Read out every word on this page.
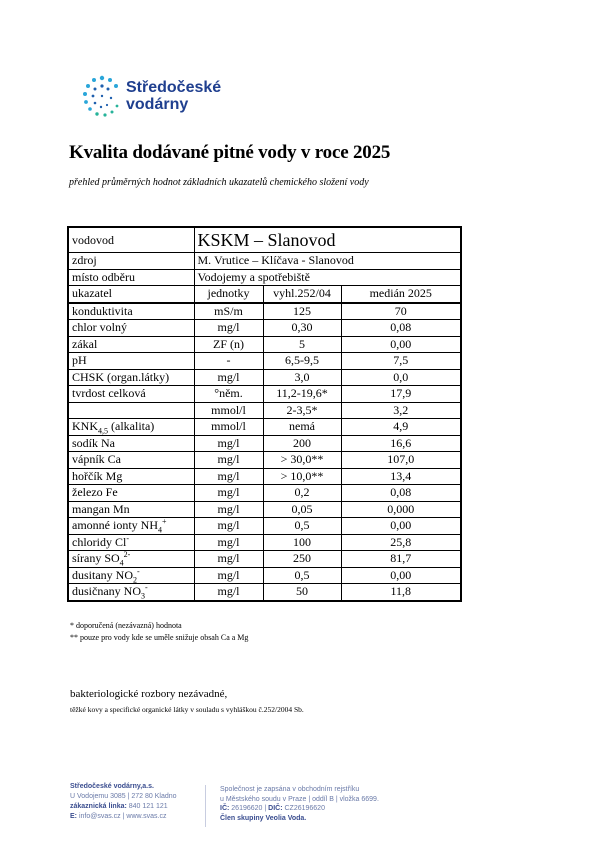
Středočeské
vodárny
Kvalita dodávané pitné vody v roce 2025
přehled průměrných hodnot základních ukazatelů chemického složení vody
vodovod	KSKM – Slanovod		
zdroj	M. Vrutice – Klíčava - Slanovod		
místo odběru	Vodojemy a spotřebiště		
ukazatel	jednotky	vyhl.252/04	medián 2025
konduktivita	mS/m	125	70
chlor volný	mg/l	0,30	0,08
zákal	ZF (n)	5	0,00
pH	-	6,5-9,5	7,5
CHSK (organ.látky)	mg/l	3,0	0,0
tvrdost celková	°něm.	11,2-19,6*	17,9
	mmol/l	2-3,5*	3,2
$KNK_{4,5}$ (alkalita)	mmol/l	nemá	4,9
sodík Na	mg/l	200	16,6
vápník Ca	mg/l	> 30,0**	107,0
hořčík Mg	mg/l	> 10,0**	13,4
železo Fe	mg/l	0,2	0,08
mangan Mn	mg/l	0,05	0,000
amonné ionty $NH_4^+$	mg/l	0,5	0,00
chloridy Cl-	mg/l	100	25,8
sírany $SO_4^{2-}$	mg/l	250	81,7
dusitany $NO_2^-$	mg/l	0,5	0,00
dusičnany $NO_3^-$	mg/l	50	11,8
* doporučená (nezávazná) hodnota
** pouze pro vody kde se uměle snižuje obsah Ca a Mg
bakteriologické rozbory nezávadné,
těžké kovy a specifické organické látky v souladu s vyhláškou č.252/2004 Sb.
Středočeské vodárny,a.s.
U Vodojemu 3085 | 272 80 Kladno
zákaznická linka: 840 121 121
E: info@svas.cz | www.svas.cz
Společnost je zapsána v obchodním rejstříku
u Městského soudu v Praze | oddíl B | vložka 6699.
IČ: 26196620 | DIČ: CZ26196620
Člen skupiny Veolia Voda.
